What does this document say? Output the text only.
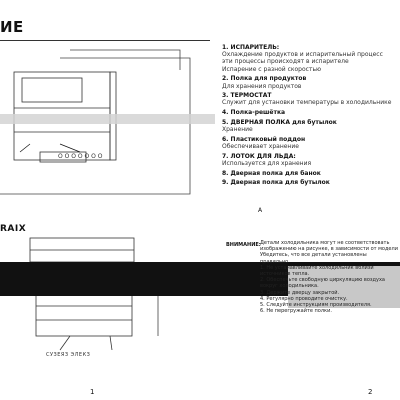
ИЕ
О О О О О О О
RAIX
1. ИСПАРИТЕЛЬ:
Охлаждение продуктов и испарительный процесс
эти процессы происходят в испарителе
Испарение с разной скоростью
2. Полка для продуктов
Для хранения продуктов
3. ТЕРМОСТАТ
Служит для установки температуры в холодильнике
4. Полка-решётка
5. ДВЕРНАЯ ПОЛКА для бутылок
Хранение
6. Пластиковый поддон
Обеспечивает хранение
7. ЛОТОК ДЛЯ ЛЬДА:
Используется для хранения
8. Дверная полка для банок
9. Дверная полка для бутылок
ВНИМАНИЕ: Детали холодильника могут не соответствовать
изображению на рисунке, в зависимости от модели
Убедитесь, что все детали установлены
правильно.
1. Не устанавливайте холодильник вблизи
источников тепла.
2. Обеспечьте свободную циркуляцию воздуха
вокруг холодильника.
3. Держите дверцу закрытой.
4. Регулярно проводите очистку.
5. Следуйте инструкциям производителя.
6. Не перегружайте полки.
A
СУЗЕЯЗ ЭЛЕКЗ
1	2
